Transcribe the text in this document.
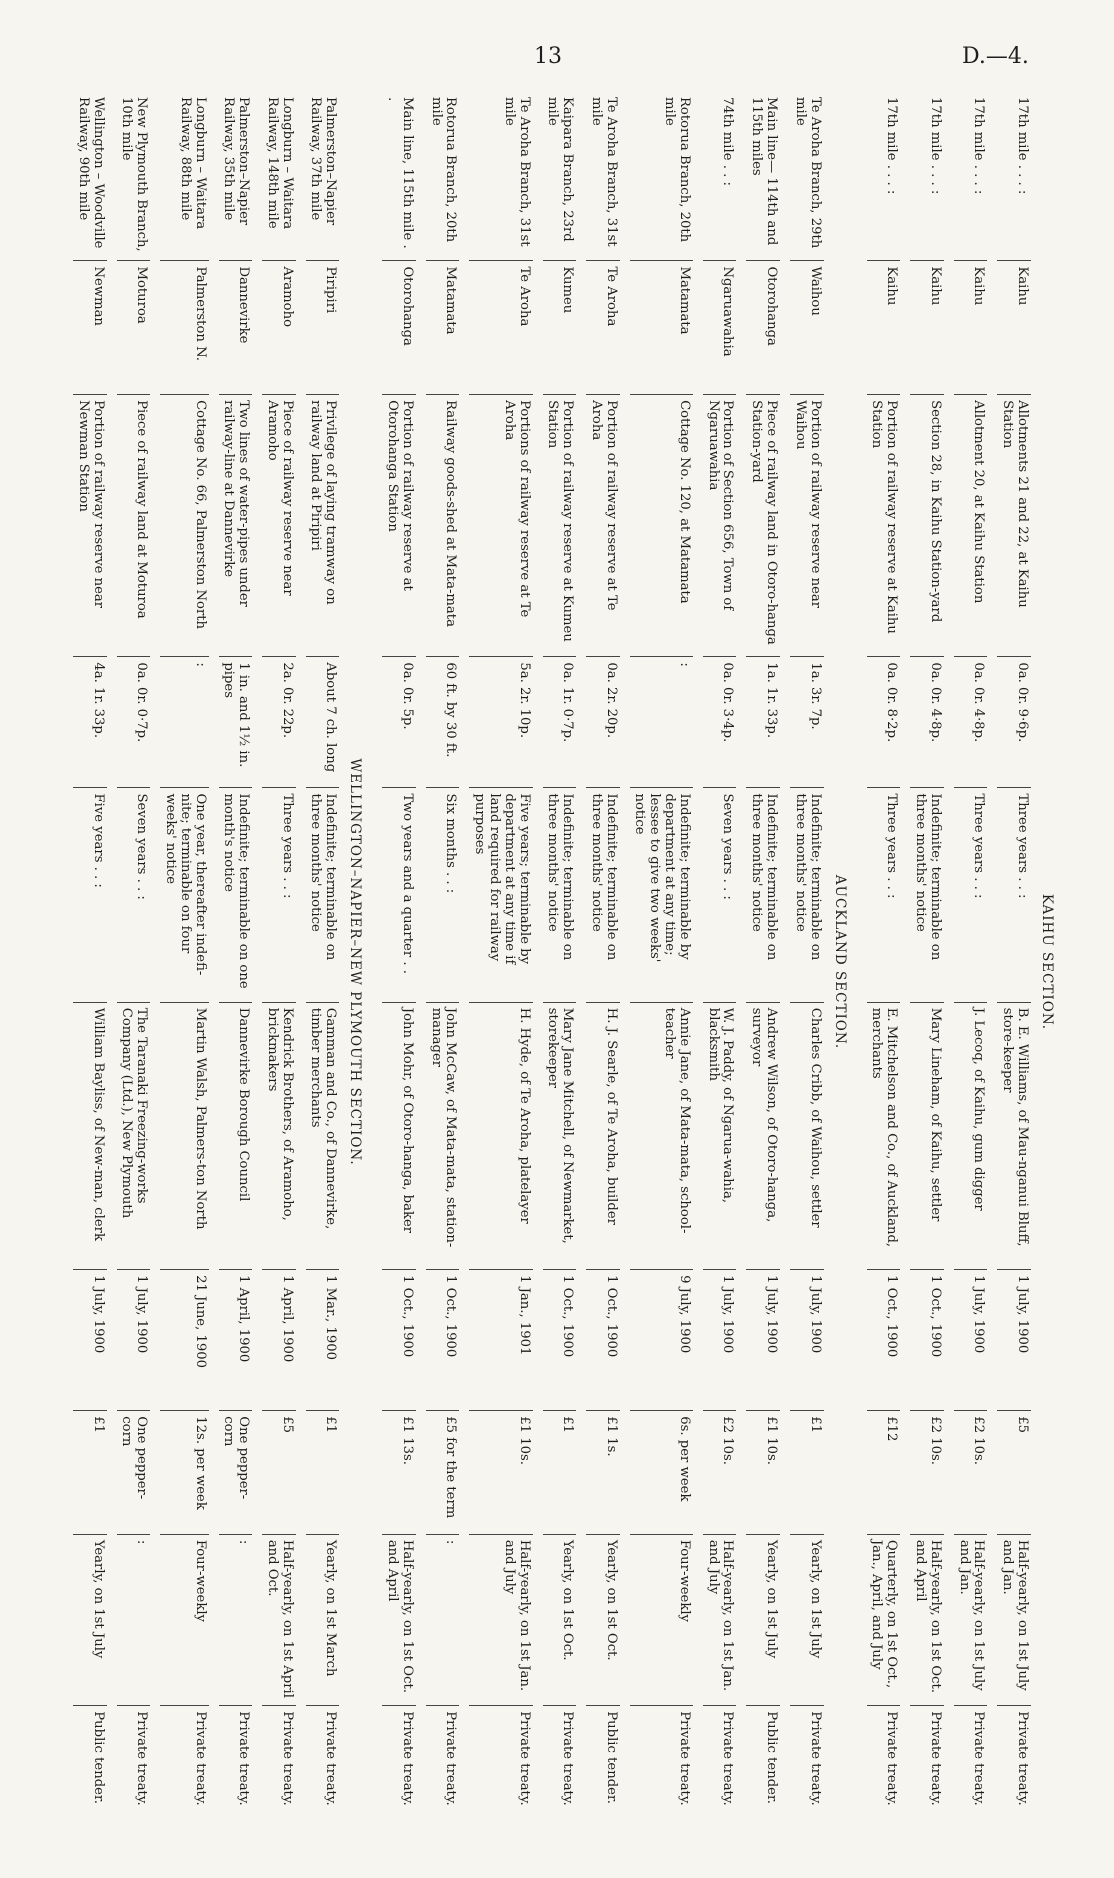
13	D.—4.
KAIHU SECTION.									
17th mile . . . :	Kaihu	Allotments 21 and 22, at Kaihu Station	0a. 0r. 9·6p.	Three years . . :	B. E. Williams, of Mau-nganui Bluff, store-keeper	1 July, 1900	£5	Half-yearly, on 1st July and Jan.	Private treaty.

17th mile . . . :	Kaihu	Allotment 20, at Kaihu Station	0a. 0r. 4·8p.	Three years . . :	J. Lecoq, of Kaihu, gum digger	1 July, 1900	£2 10s.	Half-yearly, on 1st July and Jan.	Private treaty.

17th mile . . . :	Kaihu	Section 28, in Kaihu Station-yard	0a. 0r. 4·8p.	Indefinite; terminable on three months' notice	Mary Lineham, of Kaihu, settler	1 Oct., 1900	£2 10s.	Half-yearly, on 1st Oct. and April	Private treaty.

17th mile . . . :	Kaihu	Portion of railway reserve at Kaihu Station	0a. 0r. 8·2p.	Three years . . :	E. Mitchelson and Co., of Auckland, merchants	1 Oct., 1900	£12	Quarterly, on 1st Oct., Jan., April, and July	Private treaty.

AUCKLAND SECTION.									
Te Aroha Branch, 29th mile	Waihou	Portion of railway reserve near Waihou	1a. 3r. 7p.	Indefinite; terminable on three months' notice	Charles Cribb, of Waihou, settler	1 July, 1900	£1	Yearly, on 1st July	Private treaty.

Main line— 114th and 115th miles	Otorohanga	Piece of railway land in Otoro-hanga Station-yard	1a. 1r. 33p.	Indefinite; terminable on three months' notice	Andrew Wilson, of Otoro-hanga, surveyor	1 July, 1900	£1 10s.	Yearly, on 1st July	Public tender.

74th mile . . :	Ngaruawahia	Portion of Section 656, Town of Ngaruawahia	0a. 0r. 3·4p.	Seven years . . :	W. J. Paddy, of Ngarua-wahia, blacksmith	1 July, 1900	£2 10s.	Half-yearly, on 1st Jan. and July	Private treaty.

Rotorua Branch, 20th mile	Matamata	Cottage No. 120, at Matamata	:	Indefinite; terminable by department at any time; lessee to give two weeks' notice	Annie Jane, of Mata-mata, school-teacher	9 July, 1900	6s. per week	Four-weekly	Private treaty.

Te Aroha Branch, 31st mile	Te Aroha	Portion of railway reserve at Te Aroha	0a. 2r. 20p.	Indefinite; terminable on three months' notice	H. J. Searle, of Te Aroha, builder	1 Oct., 1900	£1 1s.	Yearly, on 1st Oct.	Public tender.

Kaipara Branch, 23rd mile	Kumeu	Portion of railway reserve at Kumeu Station	0a. 1r. 0·7p.	Indefinite; terminable on three months' notice	Mary Jane Mitchell, of Newmarket, storekeeper	1 Oct., 1900	£1	Yearly, on 1st Oct.	Private treaty.

Te Aroha Branch, 31st mile	Te Aroha	Portions of railway reserve at Te Aroha	5a. 2r. 10p.	Five years; terminable by department at any time if land required for railway purposes	H. Hyde, of Te Aroha, platelayer	1 Jan., 1901	£1 10s.	Half-yearly, on 1st Jan. and July	Private treaty.

Rotorua Branch, 20th mile	Matamata	Railway goods-shed at Mata-mata	60 ft. by 30 ft.	Six months . . :	John McCaw, of Mata-mata, station-manager	1 Oct., 1900	£5 for the term	:	Private treaty.

Main line, 115th mile . .	Otorohanga	Portion of railway reserve at Otorohanga Station	0a. 0r. 5p.	Two years and a quarter . .	John Mohr, of Otoro-hanga, baker	1 Oct., 1900	£1 13s.	Half-yearly, on 1st Oct. and April	Private treaty.

WELLINGTON–NAPIER–NEW PLYMOUTH SECTION.									
Palmerston–Napier Railway, 37th mile	Piripiri	Privilege of laying tramway on railway land at Piripiri	About 7 ch. long	Indefinite; terminable on three months' notice	Gamman and Co., of Dannevirke, timber merchants	1 Mar., 1900	£1	Yearly, on 1st March	Private treaty.

Longburn – Waitara Railway, 148th mile	Aramoho	Piece of railway reserve near Aramoho	2a. 0r. 22p.	Three years . . :	Kendrick Brothers, of Aramoho, brickmakers	1 April, 1900	£5	Half-yearly, on 1st April and Oct.	Private treaty.

Palmerston–Napier Railway, 35th mile	Dannevirke	Two lines of water-pipes under railway-line at Dannevirke	1 in. and 1½ in. pipes	Indefinite; terminable on one month's notice	Dannevirke Borough Council	1 April, 1900	One pepper-corn	:	Private treaty.

Longburn – Waitara Railway, 88th mile	Palmerston N.	Cottage No. 66, Palmerston North	:	One year, thereafter indefi-nite; terminable on four weeks' notice	Martin Walsh, Palmers-ton North	21 June, 1900	12s. per week	Four-weekly	Private treaty.

New Plymouth Branch, 10th mile	Moturoa	Piece of railway land at Moturoa	0a. 0r. 0·7p.	Seven years . . :	The Taranaki Freezing-works Company (Ltd.), New Plymouth	1 July, 1900	One pepper-corn	:	Private treaty.

Wellington – Woodville Railway, 90th mile	Newman	Portion of railway reserve near Newman Station	4a. 1r. 33p.	Five years . . :	William Bayliss, of New-man, clerk	1 July, 1900	£1	Yearly, on 1st July	Public tender.
